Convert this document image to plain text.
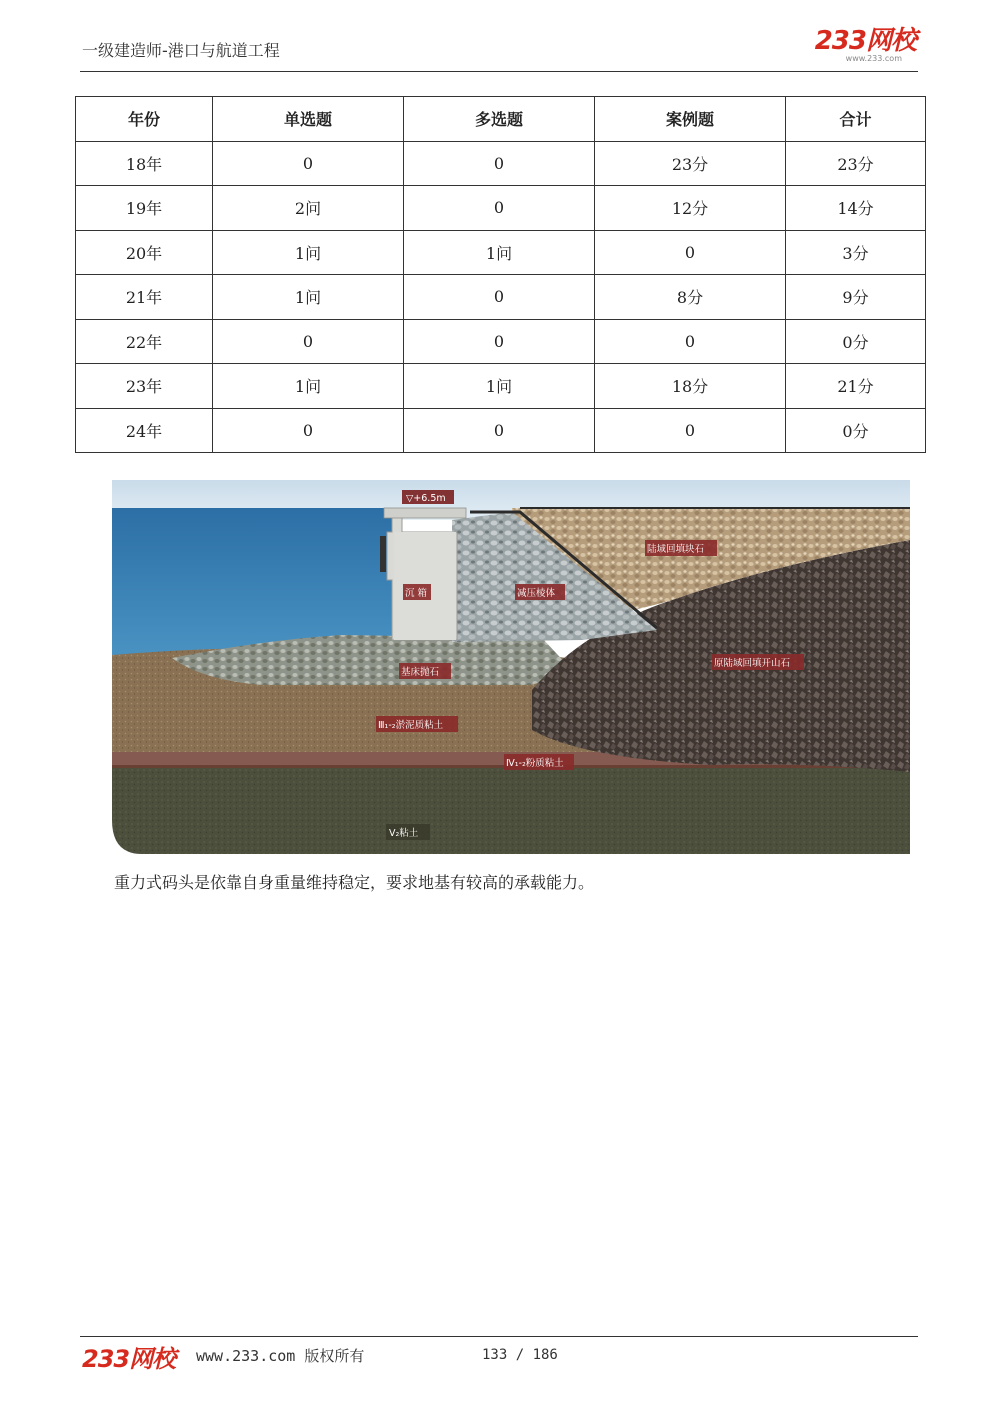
一级建造师-港口与航道工程	233网校
www.233.com
年份	单选题	多选题	案例题	合计
18年	0	0	23分	23分
19年	2问	0	12分	14分
20年	1问	1问	0	3分
21年	1问	0	8分	9分
22年	0	0	0	0分
23年	1问	1问	18分	21分
24年	0	0	0	0分
▽+6.5m
沉 箱	减压棱体
陆域回填块石
原陆域回填开山石
基床抛石
Ⅲ₁-₂淤泥质粘土
Ⅳ₁-₂粉质粘土
Ⅴ₂粘土
重力式码头是依靠自身重量维持稳定，要求地基有较高的承载能力。
233网校 www.233.com 版权所有	133 / 186
